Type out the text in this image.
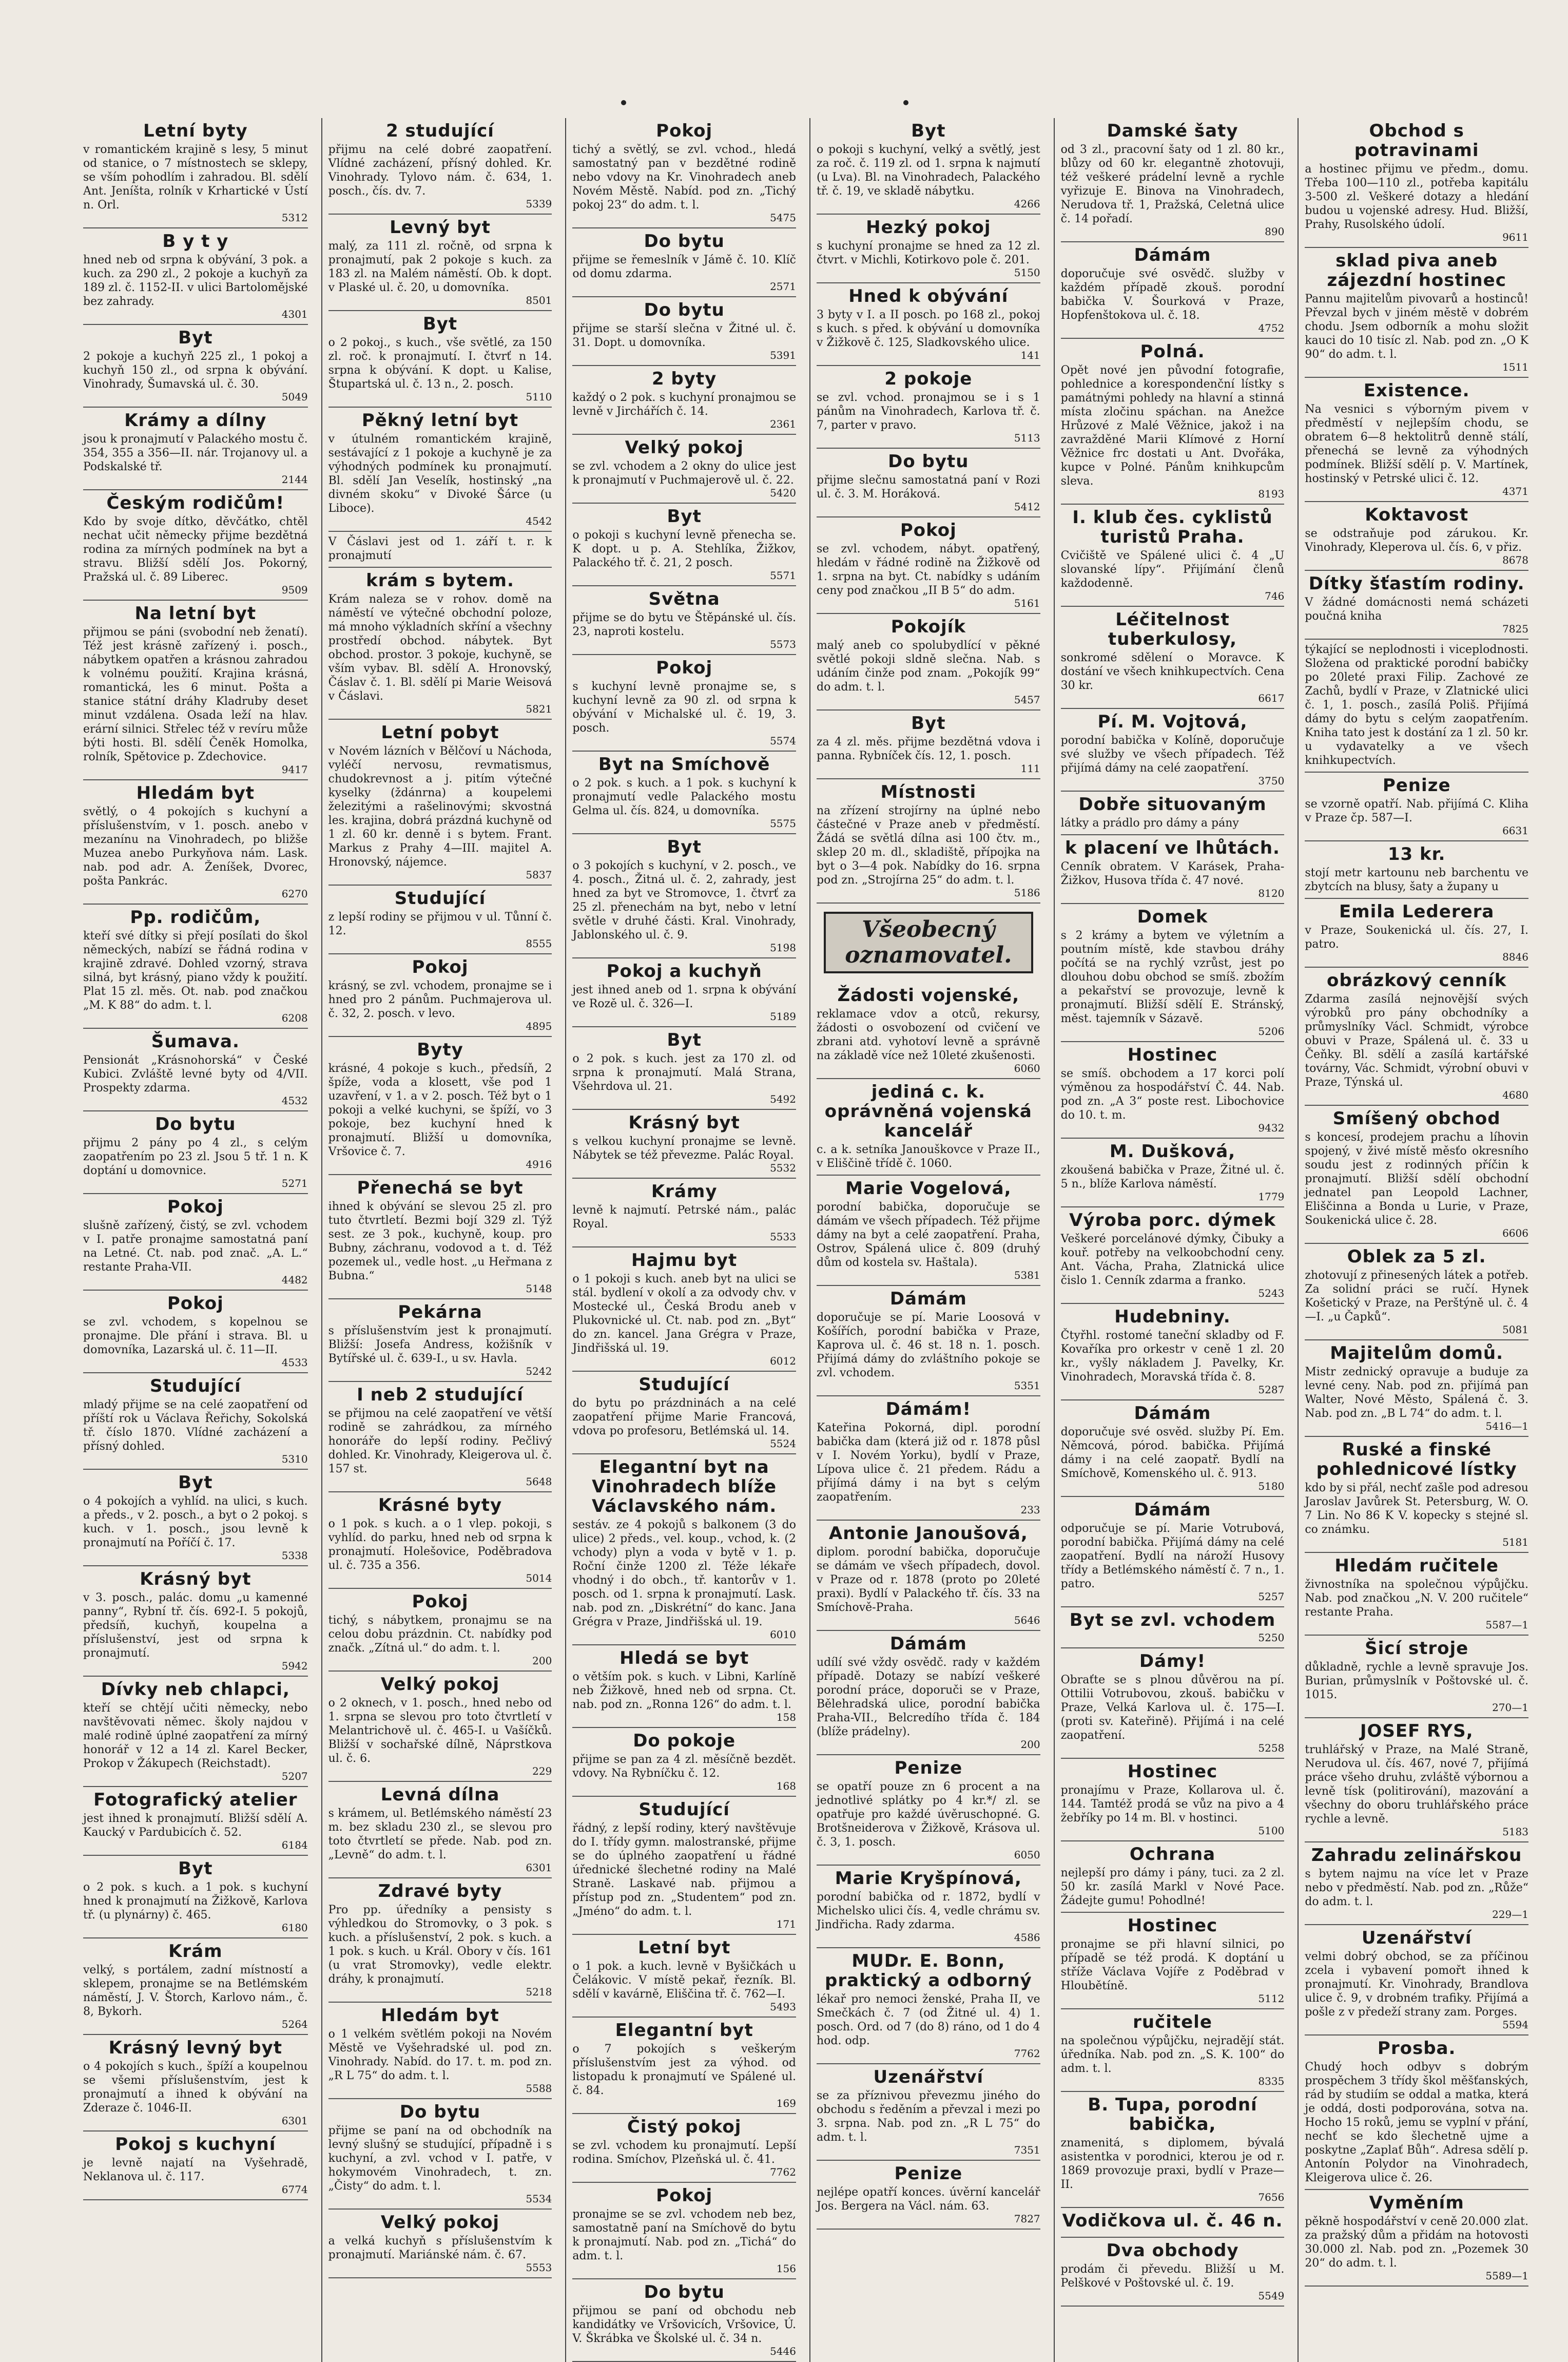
Letní byty

v romantickém krajině s lesy, 5 minut od stanice, o 7 místnostech se sklepy, se vším pohodlím i zahradou. Bl. sdělí Ant. Jeníšta, rolník v Krhartické v Ústí n. Orl.

5312
B y t y

hned neb od srpna k obývání, 3 pok. a kuch. za 290 zl., 2 pokoje a kuchyň za 189 zl. č. 1152-II. v ulici Bartolomějské bez zahrady.

4301
Byt

2 pokoje a kuchyň 225 zl., 1 pokoj a kuchyň 150 zl., od srpna k obývání. Vinohrady, Šumavská ul. č. 30.

5049
Krámy a dílny

jsou k pronajmutí v Palackého mostu č. 354, 355 a 356—II. nár. Trojanovy ul. a Podskalské tř.

2144
Českým rodičům!

Kdo by svoje dítko, děvčátko, chtěl nechat učit německy přijme bezdětná rodina za mírných podmínek na byt a stravu. Bližší sdělí Jos. Pokorný, Pražská ul. č. 89 Liberec.

9509
Na letní byt

přijmou se páni (svobodní neb ženatí). Též jest krásně zařízený i. posch., nábytkem opatřen a krásnou zahradou k volnému použití. Krajina krásná, romantická, les 6 minut. Pošta a stanice státní dráhy Kladruby deset minut vzdálena. Osada leží na hlav. erární silnici. Střelec též v revíru může býti hosti. Bl. sdělí Čeněk Homolka, rolník, Spětovice p. Zdechovice.

9417
Hledám byt

světlý, o 4 pokojích s kuchyní a příslušenstvím, v 1. posch. anebo v mezanínu na Vinohradech, po bližše Muzea anebo Purkyňova nám. Lask. nab. pod adr. A. Ženíšek, Dvorec, pošta Pankrác.

6270
Pp. rodičům,

kteří své dítky si přejí posílati do škol německých, nabízí se řádná rodina v krajině zdravé. Dohled vzorný, strava silná, byt krásný, piano vždy k použití. Plat 15 zl. měs. Ot. nab. pod značkou „M. K 88“ do adm. t. l.

6208
Šumava.

Pensionát „Krásnohorská“ v České Kubici. Zvláště levné byty od 4/VII. Prospekty zdarma.

4532
Do bytu

přijmu 2 pány po 4 zl., s celým zaopatřením po 23 zl. Jsou 5 tř. 1 n. K doptání u domovnice.

5271
Pokoj

slušně zařízený, čistý, se zvl. vchodem v I. patře pronajme samostatná paní na Letné. Ct. nab. pod znač. „A. L.“ restante Praha-VII.

4482
Pokoj

se zvl. vchodem, s kopelnou se pronajme. Dle přání i strava. Bl. u domovníka, Lazarská ul. č. 11—II.

4533
Studující

mladý přijme se na celé zaopatření od příští rok u Václava Řeřichy, Sokolská tř. číslo 1870. Vlídné zacházení a přísný dohled.

5310
Byt

o 4 pokojích a vyhlíd. na ulici, s kuch. a předs., v 2. posch., a byt o 2 pokoj. s kuch. v 1. posch., jsou levně k pronajmutí na Poříčí č. 17.

5338
Krásný byt

v 3. posch., palác. domu „u kamenné panny“, Rybní tř. čís. 692-I. 5 pokojů, předsíň, kuchyň, koupelna a příslušenství, jest od srpna k pronajmutí.

5942
Dívky neb chlapci,

kteří se chtějí učiti německy, nebo navštěvovati němec. školy najdou v malé rodině úplné zaopatření za mírný honorář v 12 a 14 zl. Karel Becker, Prokop v Žákupech (Reichstadt).

5207
Fotografický atelier

jest ihned k pronajmutí. Bližší sdělí A. Kaucký v Pardubicích č. 52.

6184
Byt

o 2 pok. s kuch. a 1 pok. s kuchyní hned k pronajmutí na Žižkově, Karlova tř. (u plynárny) č. 465.

6180
Krám

velký, s portálem, zadní místností a sklepem, pronajme se na Betlémském náměstí, J. V. Štorch, Karlovo nám., č. 8, Bykorh.

5264
Krásný levný byt

o 4 pokojích s kuch., špíží a koupelnou se všemi příslušenstvím, jest k pronajmutí a ihned k obývání na Zderaze č. 1046-II.

6301
Pokoj s kuchyní

je levně najatí na Vyšehradě, Neklanova ul. č. 117.

6774
2 studující

přijmu na celé dobré zaopatření. Vlídné zacházení, přísný dohled. Kr. Vinohrady. Tylovo nám. č. 634, 1. posch., čís. dv. 7.

5339
Levný byt

malý, za 111 zl. ročně, od srpna k pronajmutí, pak 2 pokoje s kuch. za 183 zl. na Malém náměstí. Ob. k dopt. v Plaské ul. č. 20, u domovníka.

8501
Byt

o 2 pokoj., s kuch., vše světlé, za 150 zl. roč. k pronajmutí. I. čtvrť n 14. srpna k obývání. K dopt. u Kalise, Štupartská ul. č. 13 n., 2. posch.

5110
Pěkný letní byt

v útulném romantickém krajině, sestávající z 1 pokoje a kuchyně je za výhodných podmínek ku pronajmutí. Bl. sdělí Jan Veselík, hostinský „na divném skoku“ v Divoké Šárce (u Liboce).

4542

V Čáslavi jest od 1. září t. r. k pronajmutí

krám s bytem.

Krám naleza se v rohov. domě na náměstí ve výtečné obchodní poloze, má mnoho výkladních skříní a všechny prostředí obchod. nábytek. Byt obchod. prostor. 3 pokoje, kuchyně, se vším vybav. Bl. sdělí A. Hronovský, Čáslav č. 1. Bl. sdělí pi Marie Weisová v Čáslavi.

5821
Letní pobyt

v Novém lázních v Bělčoví u Náchoda, vyléčí nervosu, revmatismus, chudokrevnost a j. pitím výtečné kyselky (ždánrna) a koupelemi železitými a rašelinovými; skvostná les. krajina, dobrá prázdná kuchyně od 1 zl. 60 kr. denně i s bytem. Frant. Markus z Prahy 4—III. majitel A. Hronovský, nájemce.

5837
Studující

z lepší rodiny se přijmou v ul. Tůnní č. 12.

8555
Pokoj

krásný, se zvl. vchodem, pronajme se i hned pro 2 pánům. Puchmajerova ul. č. 32, 2. posch. v levo.

4895
Byty

krásné, 4 pokoje s kuch., předsíň, 2 špíže, voda a klosett, vše pod 1 uzavření, v 1. a v 2. posch. Též byt o 1 pokoji a velké kuchyni, se špíží, vo 3 pokoje, bez kuchyní hned k pronajmutí. Bližší u domovníka, Vršovice č. 7.

4916
Přenechá se byt

ihned k obývání se slevou 25 zl. pro tuto čtvrtletí. Bezmi bojí 329 zl. Týž sest. ze 3 pok., kuchyně, koup. pro Bubny, záchranu, vodovod a t. d. Též pozemek ul., vedle host. „u Heřmana z Bubna.“

5148
Pekárna

s příslušenstvím jest k pronajmutí. Bližší: Josefa Andress, kožišník v Bytířské ul. č. 639-I., u sv. Havla.

5242
I neb 2 studující

se přijmou na celé zaopatření ve větší rodině se zahrádkou, za mírného honoráře do lepší rodiny. Pečlivý dohled. Kr. Vinohrady, Kleigerova ul. č. 157 st.

5648
Krásné byty

o 1 pok. s kuch. a o 1 vlep. pokoji, s vyhlíd. do parku, hned neb od srpna k pronajmutí. Holešovice, Poděbradova ul. č. 735 a 356.

5014
Pokoj

tichý, s nábytkem, pronajmu se na celou dobu prázdnin. Ct. nabídky pod značk. „Zítná ul.“ do adm. t. l.

200
Velký pokoj

o 2 oknech, v 1. posch., hned nebo od 1. srpna se slevou pro toto čtvrtletí v Melantrichově ul. č. 465-I. u Vašíčků. Bližší v sochařské dílně, Náprstkova ul. č. 6.

229
Levná dílna

s krámem, ul. Betlémského náměstí 23 m. bez skladu 230 zl., se slevou pro toto čtvrtletí se přede. Nab. pod zn. „Levně“ do adm. t. l.

6301
Zdravé byty

Pro pp. úředníky a pensisty s výhledkou do Stromovky, o 3 pok. s kuch. a příslušenství, 2 pok. s kuch. a 1 pok. s kuch. u Král. Obory v čís. 161 (u vrat Stromovky), vedle elektr. dráhy, k pronajmutí.

5218
Hledám byt

o 1 velkém světlém pokoji na Novém Městě ve Vyšehradské ul. pod zn. Vinohrady. Nabíd. do 17. t. m. pod zn. „R L 75“ do adm. t. l.

5588
Do bytu

přijme se paní na od obchodník na levný slušný se studující, případně i s kuchyní, a zvl. vchod v I. patře, v hokymovém Vinohradech, t. zn. „Čisty“ do adm. t. l.

5534
Velký pokoj

a velká kuchyň s příslušenstvím k pronajmutí. Mariánské nám. č. 67.

5553
Pokoj

tichý a světlý, se zvl. vchod., hledá samostatný pan v bezdětné rodině nebo vdovy na Kr. Vinohradech aneb Novém Městě. Nabíd. pod zn. „Tichý pokoj 23“ do adm. t. l.

5475
Do bytu

přijme se řemeslník v Jámě č. 10. Klíč od domu zdarma.

2571
Do bytu

přijme se starší slečna v Žitné ul. č. 31. Dopt. u domovníka.

5391
2 byty

každý o 2 pok. s kuchyní pronajmou se levně v Jirchářích č. 14.

2361
Velký pokoj

se zvl. vchodem a 2 okny do ulice jest k pronajmutí v Puchmajerově ul. č. 22.

5420
Byt

o pokoji s kuchyní levně přenecha se. K dopt. u p. A. Stehlíka, Žižkov, Palackého tř. č. 21, 2 posch.

5571
Světna

přijme se do bytu ve Štěpánské ul. čís. 23, naproti kostelu.

5573
Pokoj

s kuchyní levně pronajme se, s kuchyní levně za 90 zl. od srpna k obývání v Michalské ul. č. 19, 3. posch.

5574
Byt na Smíchově

o 2 pok. s kuch. a 1 pok. s kuchyní k pronajmutí vedle Palackého mostu Gelma ul. čís. 824, u domovníka.

5575
Byt

o 3 pokojích s kuchyní, v 2. posch., ve 4. posch., Žitná ul. č. 2, zahrady, jest hned za byt ve Stromovce, 1. čtvrť za 25 zl. přenechám na byt, nebo v letní světle v druhé části. Kral. Vinohrady, Jablonského ul. č. 9.

5198
Pokoj a kuchyň

jest ihned aneb od 1. srpna k obývání ve Rozě ul. č. 326—I.

5189
Byt

o 2 pok. s kuch. jest za 170 zl. od srpna k pronajmutí. Malá Strana, Všehrdova ul. 21.

5492
Krásný byt

s velkou kuchyní pronajme se levně. Nábytek se též převezme. Palác Royal.

5532
Krámy

levně k najmutí. Petrské nám., palác Royal.

5533
Hajmu byt

o 1 pokoji s kuch. aneb byt na ulici se stál. bydlení v okolí a za odvody chv. v Mostecké ul., Česká Brodu aneb v Plukovnické ul. Ct. nab. pod zn. „Byt“ do zn. kancel. Jana Grégra v Praze, Jindřišská ul. 19.

6012
Studující

do bytu po prázdninách a na celé zaopatření přijme Marie Francová, vdova po profesoru, Betlémská ul. 14.

5524
Elegantní byt na Vinohradech blíže Václavského nám.

sestáv. ze 4 pokojů s balkonem (3 do ulice) 2 předs., vel. koup., vchod, k. (2 vchody) plyn a voda v bytě v 1. p. Roční činže 1200 zl. Téže lékaře vhodný i do obch., tř. kantorův v 1. posch. od 1. srpna k pronajmutí. Lask. nab. pod zn. „Diskrétní“ do kanc. Jana Grégra v Praze, Jindřišská ul. 19.

6010
Hledá se byt

o větším pok. s kuch. v Libni, Karlíně neb Žižkově, hned neb od srpna. Ct. nab. pod zn. „Ronna 126“ do adm. t. l.

158
Do pokoje

přijme se pan za 4 zl. měsíčně bezdět. vdovy. Na Rybníčku č. 12.

168
Studující

řádný, z lepší rodiny, který navštěvuje do I. třídy gymn. malostranské, přijme se do úplného zaopatření u řádné úřednické šlechetné rodiny na Malé Straně. Laskavé nab. přijmou a přístup pod zn. „Studentem“ pod zn. „Jméno“ do adm. t. l.

171
Letní byt

o 1 pok. a kuch. levně v Byšičkách u Čelákovic. V místě pekař, řezník. Bl. sdělí v kavárně, Eliščina tř. č. 762—I.

5493
Elegantní byt

o 7 pokojích s veškerým příslušenstvím jest za výhod. od listopadu k pronajmutí ve Spálené ul. č. 84.

169
Čistý pokoj

se zvl. vchodem ku pronajmutí. Lepší rodina. Smíchov, Plzeňská ul. č. 41.

7762
Pokoj

pronajme se se zvl. vchodem neb bez, samostatně paní na Smíchově do bytu k pronajmutí. Nab. pod zn. „Tichá“ do adm. t. l.

156
Do bytu

přijmou se paní od obchodu neb kandidátky ve Vršovicích, Vršovice, Ú. V. Škrábka ve Školské ul. č. 34 n.

5446
Byt

o pokoji s kuchyní, velký a světlý, jest za roč. č. 119 zl. od 1. srpna k najmutí (u Lva). Bl. na Vinohradech, Palackého tř. č. 19, ve skladě nábytku.

4266
Hezký pokoj

s kuchyní pronajme se hned za 12 zl. čtvrt. v Michli, Kotirkovo pole č. 201.

5150
Hned k obývání

3 byty v I. a II posch. po 168 zl., pokoj s kuch. s před. k obývání u domovníka v Žižkově č. 125, Sladkovského ulice.

141
2 pokoje

se zvl. vchod. pronajmou se i s 1 pánům na Vinohradech, Karlova tř. č. 7, parter v pravo.

5113
Do bytu

přijme slečnu samostatná paní v Rozi ul. č. 3. M. Horáková.

5412
Pokoj

se zvl. vchodem, nábyt. opatřený, hledám v řádné rodině na Žižkově od 1. srpna na byt. Ct. nabídky s udáním ceny pod značkou „II B 5“ do adm.

5161
Pokojík

malý aneb co spolubydlící v pěkné světlé pokoji sldně slečna. Nab. s udáním činže pod znam. „Pokojík 99“ do adm. t. l.

5457
Byt

za 4 zl. měs. přijme bezdětná vdova i panna. Rybníček čís. 12, 1. posch.

111
Místnosti

na zřízení strojírny na úplné nebo částečné v Praze aneb v předměstí. Žádá se světlá dílna asi 100 čtv. m., sklep 20 m. dl., skladiště, přípojka na byt o 3—4 pok. Nabídky do 16. srpna pod zn. „Strojírna 25“ do adm. t. l.

5186
Všeobecný oznamovatel.
Žádosti vojenské,

reklamace vdov a otců, rekursy, žádosti o osvobození od cvičení ve zbrani atd. vyhotoví levně a správně na základě více než 10leté zkušenosti.

6060
jediná c. k. oprávněná vojenská kancelář

c. a k. setníka Janouškovce v Praze II., v Eliščině třídě č. 1060.

Marie Vogelová,

porodní babička, doporučuje se dámám ve všech případech. Též přijme dámy na byt a celé zaopatření. Praha, Ostrov, Spálená ulice č. 809 (druhý dům od kostela sv. Haštala).

5381
Dámám

doporučuje se pí. Marie Loosová v Košířích, porodní babička v Praze, Kaprova ul. č. 46 st. 18 n. 1. posch. Přijímá dámy do zvláštního pokoje se zvl. vchodem.

5351
Dámám!

Kateřina Pokorná, dipl. porodní babička dam (která již od r. 1878 půsl v I. Novém Yorku), bydlí v Praze, Lípova ulice č. 21 předem. Rádu a přijímá dámy i na byt s celým zaopatřením.

233
Antonie Janoušová,

diplom. porodní babička, doporučuje se dámám ve všech případech, dovol. v Praze od r. 1878 (proto po 20leté praxi). Bydlí v Palackého tř. čís. 33 na Smíchově-Praha.

5646
Dámám

udílí své vždy osvědč. rady v každém případě. Dotazy se nabízí veškeré porodní práce, doporuči se v Praze, Bělehradská ulice, porodní babička Praha-VII., Belcredího třída č. 184 (blíže prádelny).

200
Penize

se opatří pouze zn 6 procent a na jednotlivé splátky po 4 kr.*/ zl. se opatřuje pro každé úvěruschopné. G. Brotšneiderova v Žižkově, Krásova ul. č. 3, 1. posch.

6050
Marie Kryšpínová,

porodní babička od r. 1872, bydlí v Michelsko ulici čís. 4, vedle chrámu sv. Jindřicha. Rady zdarma.

4586
MUDr. E. Bonn, praktický a odborný

lékař pro nemoci ženské, Praha II, ve Smečkách č. 7 (od Žitné ul. 4) 1. posch. Ord. od 7 (do 8) ráno, od 1 do 4 hod. odp.

7762
Uzenářství

se za příznivou převezmu jiného do obchodu s ředěním a převzal i mezi po 3. srpna. Nab. pod zn. „R L 75“ do adm. t. l.

7351
Penize

nejlépe opatří konces. úvěrní kancelář Jos. Bergera na Václ. nám. 63.

7827
Damské šaty

od 3 zl., pracovní šaty od 1 zl. 80 kr., blůzy od 60 kr. elegantně zhotovuji, též veškeré prádelní levně a rychle vyřizuje E. Binova na Vinohradech, Nerudova tř. 1, Pražská, Celetná ulice č. 14 pořadí.

890
Dámám

doporučuje své osvědč. služby v každém případě zkouš. porodní babička V. Šourková v Praze, Hopfenštokova ul. č. 18.

4752
Polná.

Opět nové jen původní fotografie, pohlednice a korespondenční lístky s památnými pohledy na hlavní a stinná místa zločinu spáchan. na Anežce Hrůzové z Malé Věžnice, jakož i na zavražděné Marii Klímové z Horní Věžnice frc dostati u Ant. Dvořáka, kupce v Polné. Pánům knihkupcům sleva.

8193
I. klub čes. cyklistů turistů Praha.

Cvičiště ve Spálené ulici č. 4 „U slovanské lípy“. Přijímání členů každodenně.

746
Léčitelnost tuberkulosy,

sonkromé sdělení o Moravce. K dostání ve všech knihkupectvích. Cena 30 kr.

6617
Pí. M. Vojtová,

porodní babička v Kolíně, doporučuje své služby ve všech případech. Též přijímá dámy na celé zaopatření.

3750
Dobře situovaným

látky a prádlo pro dámy a pány

k placení ve lhůtách.

Cenník obratem. V Karásek, Praha-Žižkov, Husova třída č. 47 nové.

8120
Domek

s 2 krámy a bytem ve výletním a poutním místě, kde stavbou dráhy počítá se na rychlý vzrůst, jest po dlouhou dobu obchod se smíš. zbožím a pekařství se provozuje, levně k pronajmutí. Bližší sdělí E. Stránský, měst. tajemník v Sázavě.

5206
Hostinec

se smíš. obchodem a 17 korci polí výměnou za hospodářství Č. 44. Nab. pod zn. „A 3“ poste rest. Libochovice do 10. t. m.

9432
M. Dušková,

zkoušená babička v Praze, Žitné ul. č. 5 n., blíže Karlova náměstí.

1779
Výroba porc. dýmek

Veškeré porcelánové dýmky, Čibuky a kouř. potřeby na velkoobchodní ceny. Ant. Vácha, Praha, Zlatnická ulice čislo 1. Cenník zdarma a franko.

5243
Hudebniny.

Čtyřhl. rostomé taneční skladby od F. Kovaříka pro orkestr v ceně 1 zl. 20 kr., vyšly nákladem J. Pavelky, Kr. Vinohradech, Moravská třída č. 8.

5287
Dámám

doporučuje své osvěd. služby Pí. Em. Němcová, pórod. babička. Přijímá dámy i na celé zaopatř. Bydlí na Smíchově, Komenského ul. č. 913.

5180
Dámám

odporučuje se pí. Marie Votrubová, porodní babička. Přijímá dámy na celé zaopatření. Bydlí na nároží Husovy třídy a Betlémského náměstí č. 7 n., 1. patro.

5257
Byt se zvl. vchodem
5250
Dámy!

Obraťte se s plnou důvěrou na pí. Ottilii Votrubovou, zkouš. babičku v Praze, Velká Karlova ul. č. 175—I. (proti sv. Kateřině). Přijímá i na celé zaopatření.

5258
Hostinec

pronajímu v Praze, Kollarova ul. č. 144. Tamtéž prodá se vůz na pivo a 4 žebříky po 14 m. Bl. v hostinci.

5100
Ochrana

nejlepší pro dámy i pány, tuci. za 2 zl. 50 kr. zasílá Markl v Nové Pace. Žádejte gumu! Pohodlné!

Hostinec

pronajme se při hlavní silnici, po případě se též prodá. K doptání u stříže Václava Vojíře z Poděbrad v Hloubětíně.

5112
ručitele

na společnou výpůjčku, nejradějí stát. úředníka. Nab. pod zn. „S. K. 100“ do adm. t. l.

8335
B. Tupa, porodní babička,

znamenitá, s diplomem, bývalá asistentka v porodnici, kterou je od r. 1869 provozuje praxi, bydlí v Praze—II.

7656
Vodičkova ul. č. 46 n.
Dva obchody

prodám či převedu. Bližší u M. Pelškové v Poštovské ul. č. 19.

5549
Obchod s potravinami

a hostinec přijmu ve předm., domu. Třeba 100—110 zl., potřeba kapitálu 3-500 zl. Veškeré dotazy a hledání budou u vojenské adresy. Hud. Bližší, Prahy, Rusolského údolí.

9611
sklad piva aneb zájezdní hostinec

Pannu majitelům pivovarů a hostinců! Převzal bych v jiném městě v dobrém chodu. Jsem odborník a mohu složit kauci do 10 tisíc zl. Nab. pod zn. „O K 90“ do adm. t. l.

1511
Existence.

Na vesnici s výborným pivem v předměstí v nejlepším chodu, se obratem 6—8 hektolitrů denně stálí, přenechá se levně za výhodných podmínek. Bližší sdělí p. V. Martínek, hostinský v Petrské ulici č. 12.

4371
Koktavost

se odstraňuje pod zárukou. Kr. Vinohrady, Kleperova ul. čís. 6, v přiz.

8678
Dítky šťastím rodiny.

V žádné domácnosti nemá scházeti poučná kniha

7825

týkající se neplodnosti i viceplodnosti. Složena od praktické porodní babičky po 20leté praxi Filip. Zachové ze Zachů, bydlí v Praze, v Zlatnické ulici č. 1, 1. posch., zasílá Poliš. Přijímá dámy do bytu s celým zaopatřením. Kniha tato jest k dostání za 1 zl. 50 kr. u vydavatelky a ve všech knihkupectvích.

Penize

se vzorně opatří. Nab. přijímá C. Kliha v Praze čp. 587—I.

6631
13 kr.

stojí metr kartounu neb barchentu ve zbytcích na blusy, šaty a župany u

Emila Lederera

v Praze, Soukenická ul. čís. 27, I. patro.

8846
obrázkový cenník

Zdarma zasílá nejnovější svých výrobků pro pány obchodníky a průmyslníky Václ. Schmidt, výrobce obuvi v Praze, Spálená ul. č. 33 u Čeňky. Bl. sdělí a zasílá kartářské továrny, Vác. Schmidt, výrobní obuvi v Praze, Týnská ul.

4680
Smíšený obchod

s koncesí, prodejem prachu a líhovin spojený, v živé místě měsťo okresního soudu jest z rodinných příčin k pronajmutí. Bližší sdělí obchodní jednatel pan Leopold Lachner, Eliščinna a Bonda u Lurie, v Praze, Soukenická ulice č. 28.

6606
Oblek za 5 zl.

zhotovují z přinesených látek a potřeb. Za solidní práci se ručí. Hynek Košetický v Praze, na Perštýně ul. č. 4—I. „u Čapků“.

5081
Majitelům domů.

Mistr zednický opravuje a buduje za levné ceny. Nab. pod zn. přijímá pan Walter, Nové Město, Spálená č. 3. Nab. pod zn. „B L 74“ do adm. t. l.

5416—1
Ruské a finské pohlednicové lístky

kdo by si přál, nechť zašle pod adresou Jaroslav Javůrek St. Petersburg, W. O. 7 Lin. No 86 K V. kopecky s stejné sl. co známku.

5181
Hledám ručitele

živnostníka na společnou výpůjčku. Nab. pod značkou „N. V. 200 ručitele“ restante Praha.

5587—1
Šicí stroje

důkladně, rychle a levně spravuje Jos. Burian, průmyslník v Poštovské ul. č. 1015.

270—1
JOSEF RYS,

truhlářský v Praze, na Malé Straně, Nerudova ul. čís. 467, nové 7, přijímá práce všeho druhu, zvláště výbornou a levně tísk (politirování), mazování a všechny do oboru truhlářského práce rychle a levně.

5183
Zahradu zelinářskou

s bytem najmu na více let v Praze nebo v předměstí. Nab. pod zn. „Růže“ do adm. t. l.

229—1
Uzenářství

velmi dobrý obchod, se za příčinou zcela i vybavení pomořt ihned k pronajmutí. Kr. Vinohrady, Brandlova ulice č. 9, v drobném trafiky. Přijímá a pošle z v předeží strany zam. Porges.

5594
Prosba.

Chudý hoch odbyv s dobrým prospěchem 3 třídy škol měšťanských, rád by studiím se oddal a matka, která je oddá, dosti podporována, sotva na. Hocho 15 roků, jemu se vyplní v přání, nechť se kdo šlechetně ujme a poskytne „Zaplať Bůh“. Adresa sdělí p. Antonín Polydor na Vinohradech, Kleigerova ulice č. 26.

Vyměním

pěkně hospodářství v ceně 20.000 zlat. za pražský dům a přidám na hotovosti 30.000 zl. Nab. pod zn. „Pozemek 30 20“ do adm. t. l.

5589—1
